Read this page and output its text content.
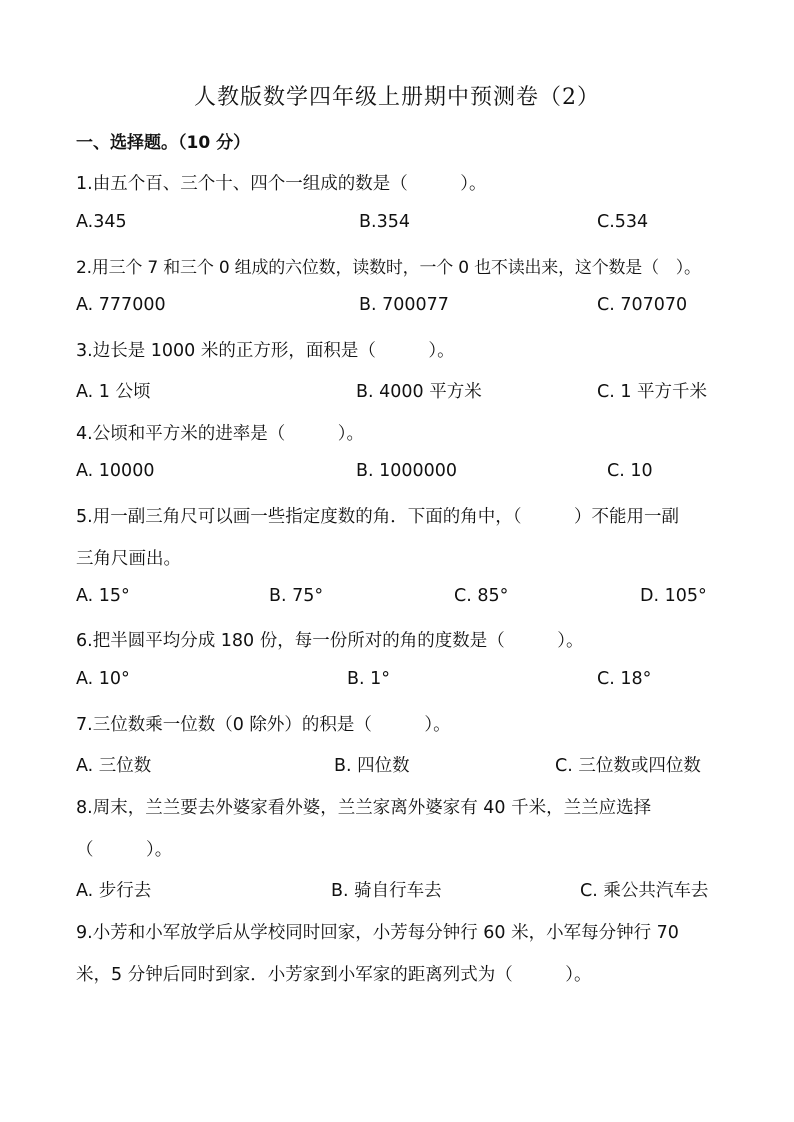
人教版数学四年级上册期中预测卷（2）
一、选择题。（10 分）
1.由五个百、三个十、四个一组成的数是（　　　）。
A.345	B.354	C.534
2.用三个 7 和三个 0 组成的六位数，读数时，一个 0 也不读出来，这个数是（　）。
A. 777000	B. 700077	C. 707070
3.边长是 1000 米的正方形，面积是（　　　）。
A. 1 公顷	B. 4000 平方米	C. 1 平方千米
4.公顷和平方米的进率是（　　　）。
A. 10000	B. 1000000	C. 10
5.用一副三角尺可以画一些指定度数的角．下面的角中，（　　　）不能用一副
三角尺画出。
A. 15°	B. 75°	C. 85°	D. 105°
6.把半圆平均分成 180 份，每一份所对的角的度数是（　　　）。
A. 10°	B. 1°	C. 18°
7.三位数乘一位数（0 除外）的积是（　　　）。
A. 三位数	B. 四位数	C. 三位数或四位数
8.周末，兰兰要去外婆家看外婆，兰兰家离外婆家有 40 千米，兰兰应选择
（　　　）。
A. 步行去	B. 骑自行车去	C. 乘公共汽车去
9.小芳和小军放学后从学校同时回家，小芳每分钟行 60 米，小军每分钟行 70
米，5 分钟后同时到家．小芳家到小军家的距离列式为（　　　）。
